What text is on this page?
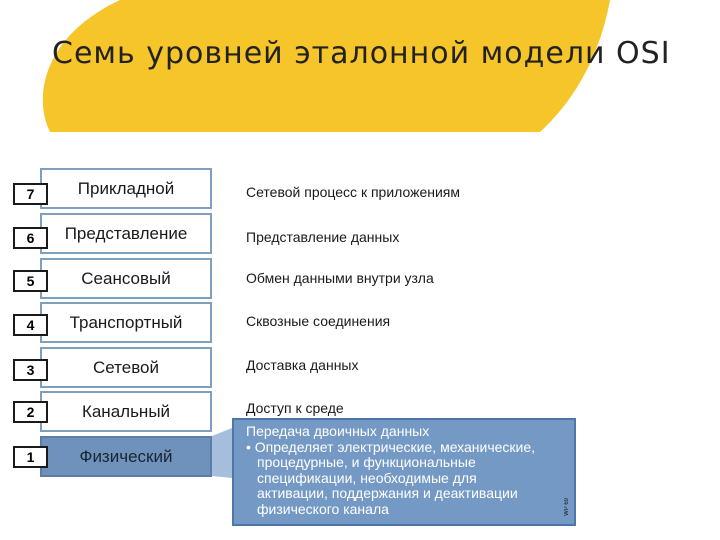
Семь уровней эталонной модели OSI
Прикладной
Представление
Сеансовый
Транспортный
Сетевой
Канальный
Физический
7
6
5
4
3
2
1
Сетевой процесс к приложениям
Представление данных
Обмен данными внутри узла
Сквозные соединения
Доставка данных
Доступ к среде
Передача двоичных данных
• Определяет электрические, механические,
процедурные, и функциональные
спецификации, необходимые для
активации, поддержания и деактивации
физического канала	WP 69
